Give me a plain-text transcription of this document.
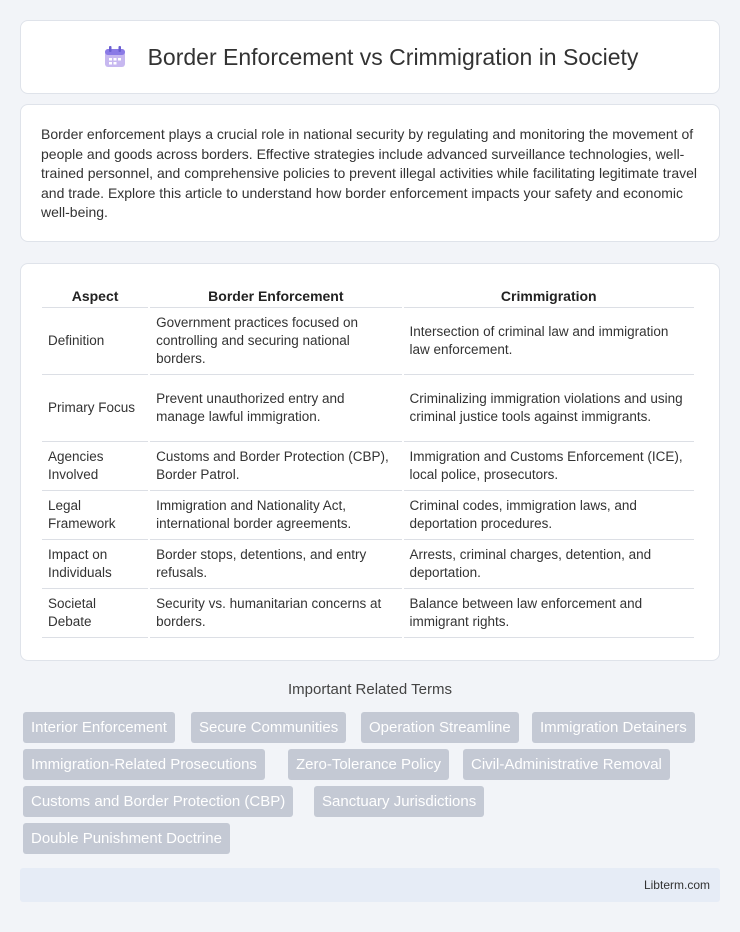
Border Enforcement vs Crimmigration in Society

Border enforcement plays a crucial role in national security by regulating and monitoring the movement of people and goods across borders. Effective strategies include advanced surveillance technologies, well-trained personnel, and comprehensive policies to prevent illegal activities while facilitating legitimate travel and trade. Explore this article to understand how border enforcement impacts your safety and economic well-being.

Aspect	Border Enforcement	Crimmigration
Definition	Government practices focused on controlling and securing national borders.	Intersection of criminal law and immigration law enforcement.
Primary Focus	Prevent unauthorized entry and manage lawful immigration.	Criminalizing immigration violations and using criminal justice tools against immigrants.
Agencies Involved	Customs and Border Protection (CBP), Border Patrol.	Immigration and Customs Enforcement (ICE), local police, prosecutors.
Legal Framework	Immigration and Nationality Act, international border agreements.	Criminal codes, immigration laws, and deportation procedures.
Impact on Individuals	Border stops, detentions, and entry refusals.	Arrests, criminal charges, detention, and deportation.
Societal Debate	Security vs. humanitarian concerns at borders.	Balance between law enforcement and immigrant rights.
Important Related Terms
Interior Enforcement	Secure Communities	Operation Streamline	Immigration Detainers
Immigration-Related Prosecutions	Zero-Tolerance Policy	Civil-Administrative Removal
Customs and Border Protection (CBP)	Sanctuary Jurisdictions
Double Punishment Doctrine
Libterm.com
